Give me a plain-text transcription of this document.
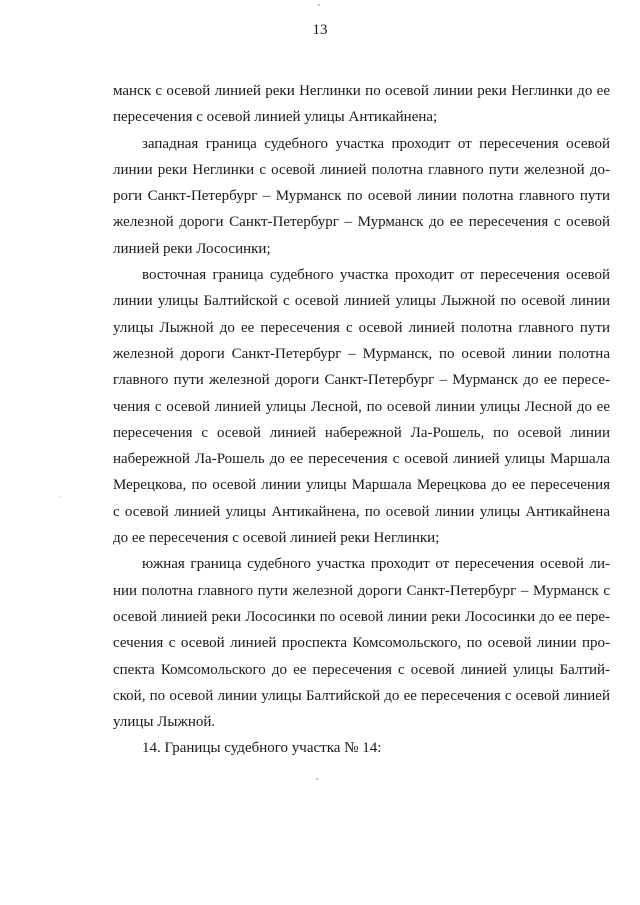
13
манск с осевой линией реки Неглинки по осевой линии реки Неглинки до ее
пересечения с осевой линией улицы Антикайнена;
западная граница судебного участка проходит от пересечения осевой
линии реки Неглинки с осевой линией полотна главного пути железной до-
роги Санкт-Петербург – Мурманск по осевой линии полотна главного пути
железной дороги Санкт-Петербург – Мурманск до ее пересечения с осевой
линией реки Лососинки;
восточная граница судебного участка проходит от пересечения осевой
линии улицы Балтийской с осевой линией улицы Лыжной по осевой линии
улицы Лыжной до ее пересечения с осевой линией полотна главного пути
железной дороги Санкт-Петербург – Мурманск, по осевой линии полотна
главного пути железной дороги Санкт-Петербург – Мурманск до ее пересе-
чения с осевой линией улицы Лесной, по осевой линии улицы Лесной до ее
пересечения с осевой линией набережной Ла-Рошель, по осевой линии
набережной Ла-Рошель до ее пересечения с осевой линией улицы Маршала
Мерецкова, по осевой линии улицы Маршала Мерецкова до ее пересечения
с осевой линией улицы Антикайнена, по осевой линии улицы Антикайнена
до ее пересечения с осевой линией реки Неглинки;
южная граница судебного участка проходит от пересечения осевой ли-
нии полотна главного пути железной дороги Санкт-Петербург – Мурманск с
осевой линией реки Лососинки по осевой линии реки Лососинки до ее пере-
сечения с осевой линией проспекта Комсомольского, по осевой линии про-
спекта Комсомольского до ее пересечения с осевой линией улицы Балтий-
ской, по осевой линии улицы Балтийской до ее пересечения с осевой линией
улицы Лыжной.
14. Границы судебного участка № 14:
